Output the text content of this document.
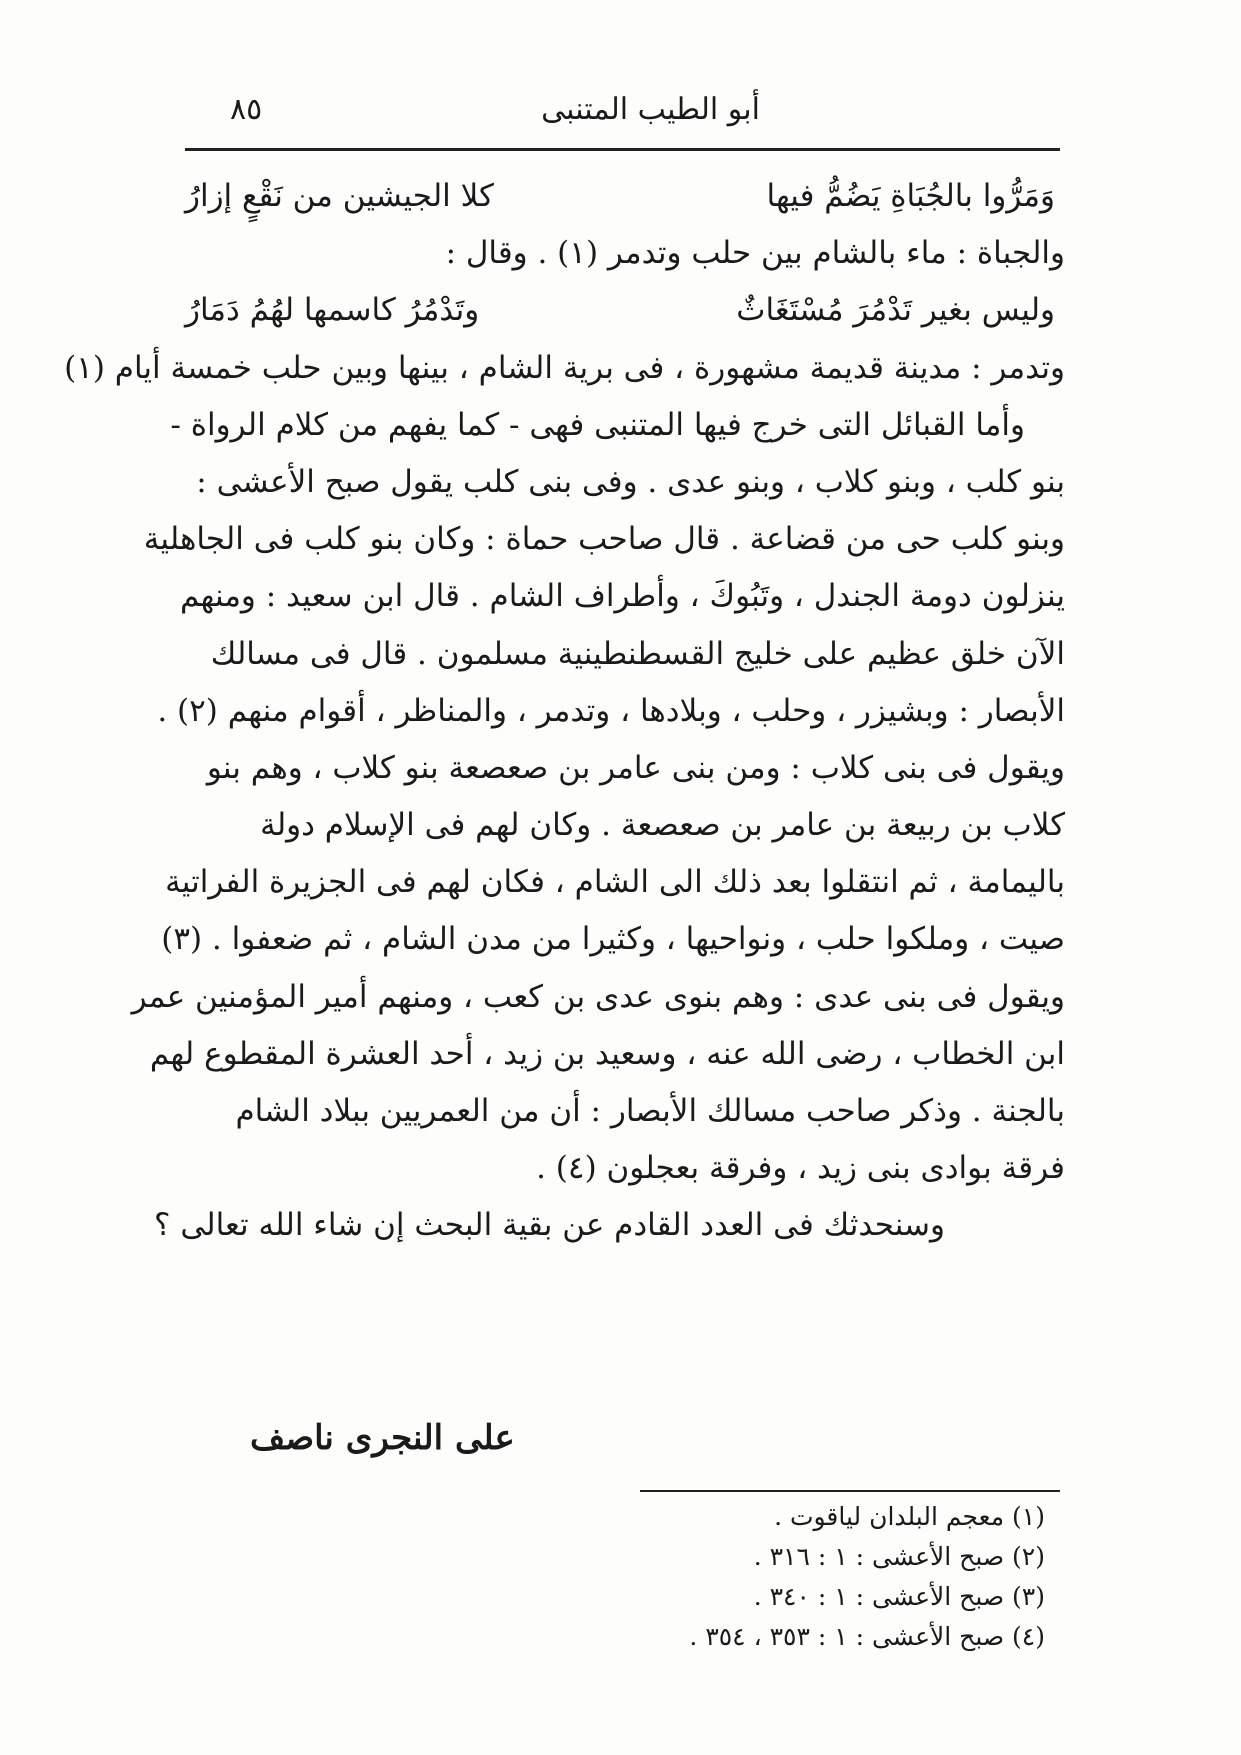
أبو الطيب المتنبى
٨٥
وَمَرُّوا بالجُبَاةِ يَضُمُّ فيها
كلا الجيشين من نَقْعٍ إزارُ
والجباة : ماء بالشام بين حلب وتدمر (١) . وقال :
وليس بغير تَدْمُرَ مُسْتَغَاثٌ
وتَدْمُرُ كاسمها لهُمُ دَمَارُ
وتدمر : مدينة قديمة مشهورة ، فى برية الشام ، بينها وبين حلب خمسة أيام (١)
وأما القبائل التى خرج فيها المتنبى فهى - كما يفهم من كلام الرواة -
بنو كلب ، وبنو كلاب ، وبنو عدى . وفى بنى كلب يقول صبح الأعشى :
وبنو كلب حى من قضاعة . قال صاحب حماة : وكان بنو كلب فى الجاهلية
ينزلون دومة الجندل ، وتَبُوكَ ، وأطراف الشام . قال ابن سعيد : ومنهم
الآن خلق عظيم على خليج القسطنطينية مسلمون . قال فى مسالك
الأبصار : وبشيزر ، وحلب ، وبلادها ، وتدمر ، والمناظر ، أقوام منهم (٢) .
ويقول فى بنى كلاب : ومن بنى عامر بن صعصعة بنو كلاب ، وهم بنو
كلاب بن ربيعة بن عامر بن صعصعة . وكان لهم فى الإسلام دولة
باليمامة ، ثم انتقلوا بعد ذلك الى الشام ، فكان لهم فى الجزيرة الفراتية
صيت ، وملكوا حلب ، ونواحيها ، وكثيرا من مدن الشام ، ثم ضعفوا . (٣)
ويقول فى بنى عدى : وهم بنوى عدى بن كعب ، ومنهم أمير المؤمنين عمر
ابن الخطاب ، رضى الله عنه ، وسعيد بن زيد ، أحد العشرة المقطوع لهم
بالجنة . وذكر صاحب مسالك الأبصار : أن من العمريين ببلاد الشام
فرقة بوادى بنى زيد ، وفرقة بعجلون (٤) .
وسنحدثك فى العدد القادم عن بقية البحث إن شاء الله تعالى ؟
على النجرى ناصف
(١) معجم البلدان لياقوت .
(٢) صبح الأعشى : ١ : ٣١٦ .
(٣) صبح الأعشى : ١ : ٣٤٠ .
(٤) صبح الأعشى : ١ : ٣٥٣ ، ٣٥٤ .
